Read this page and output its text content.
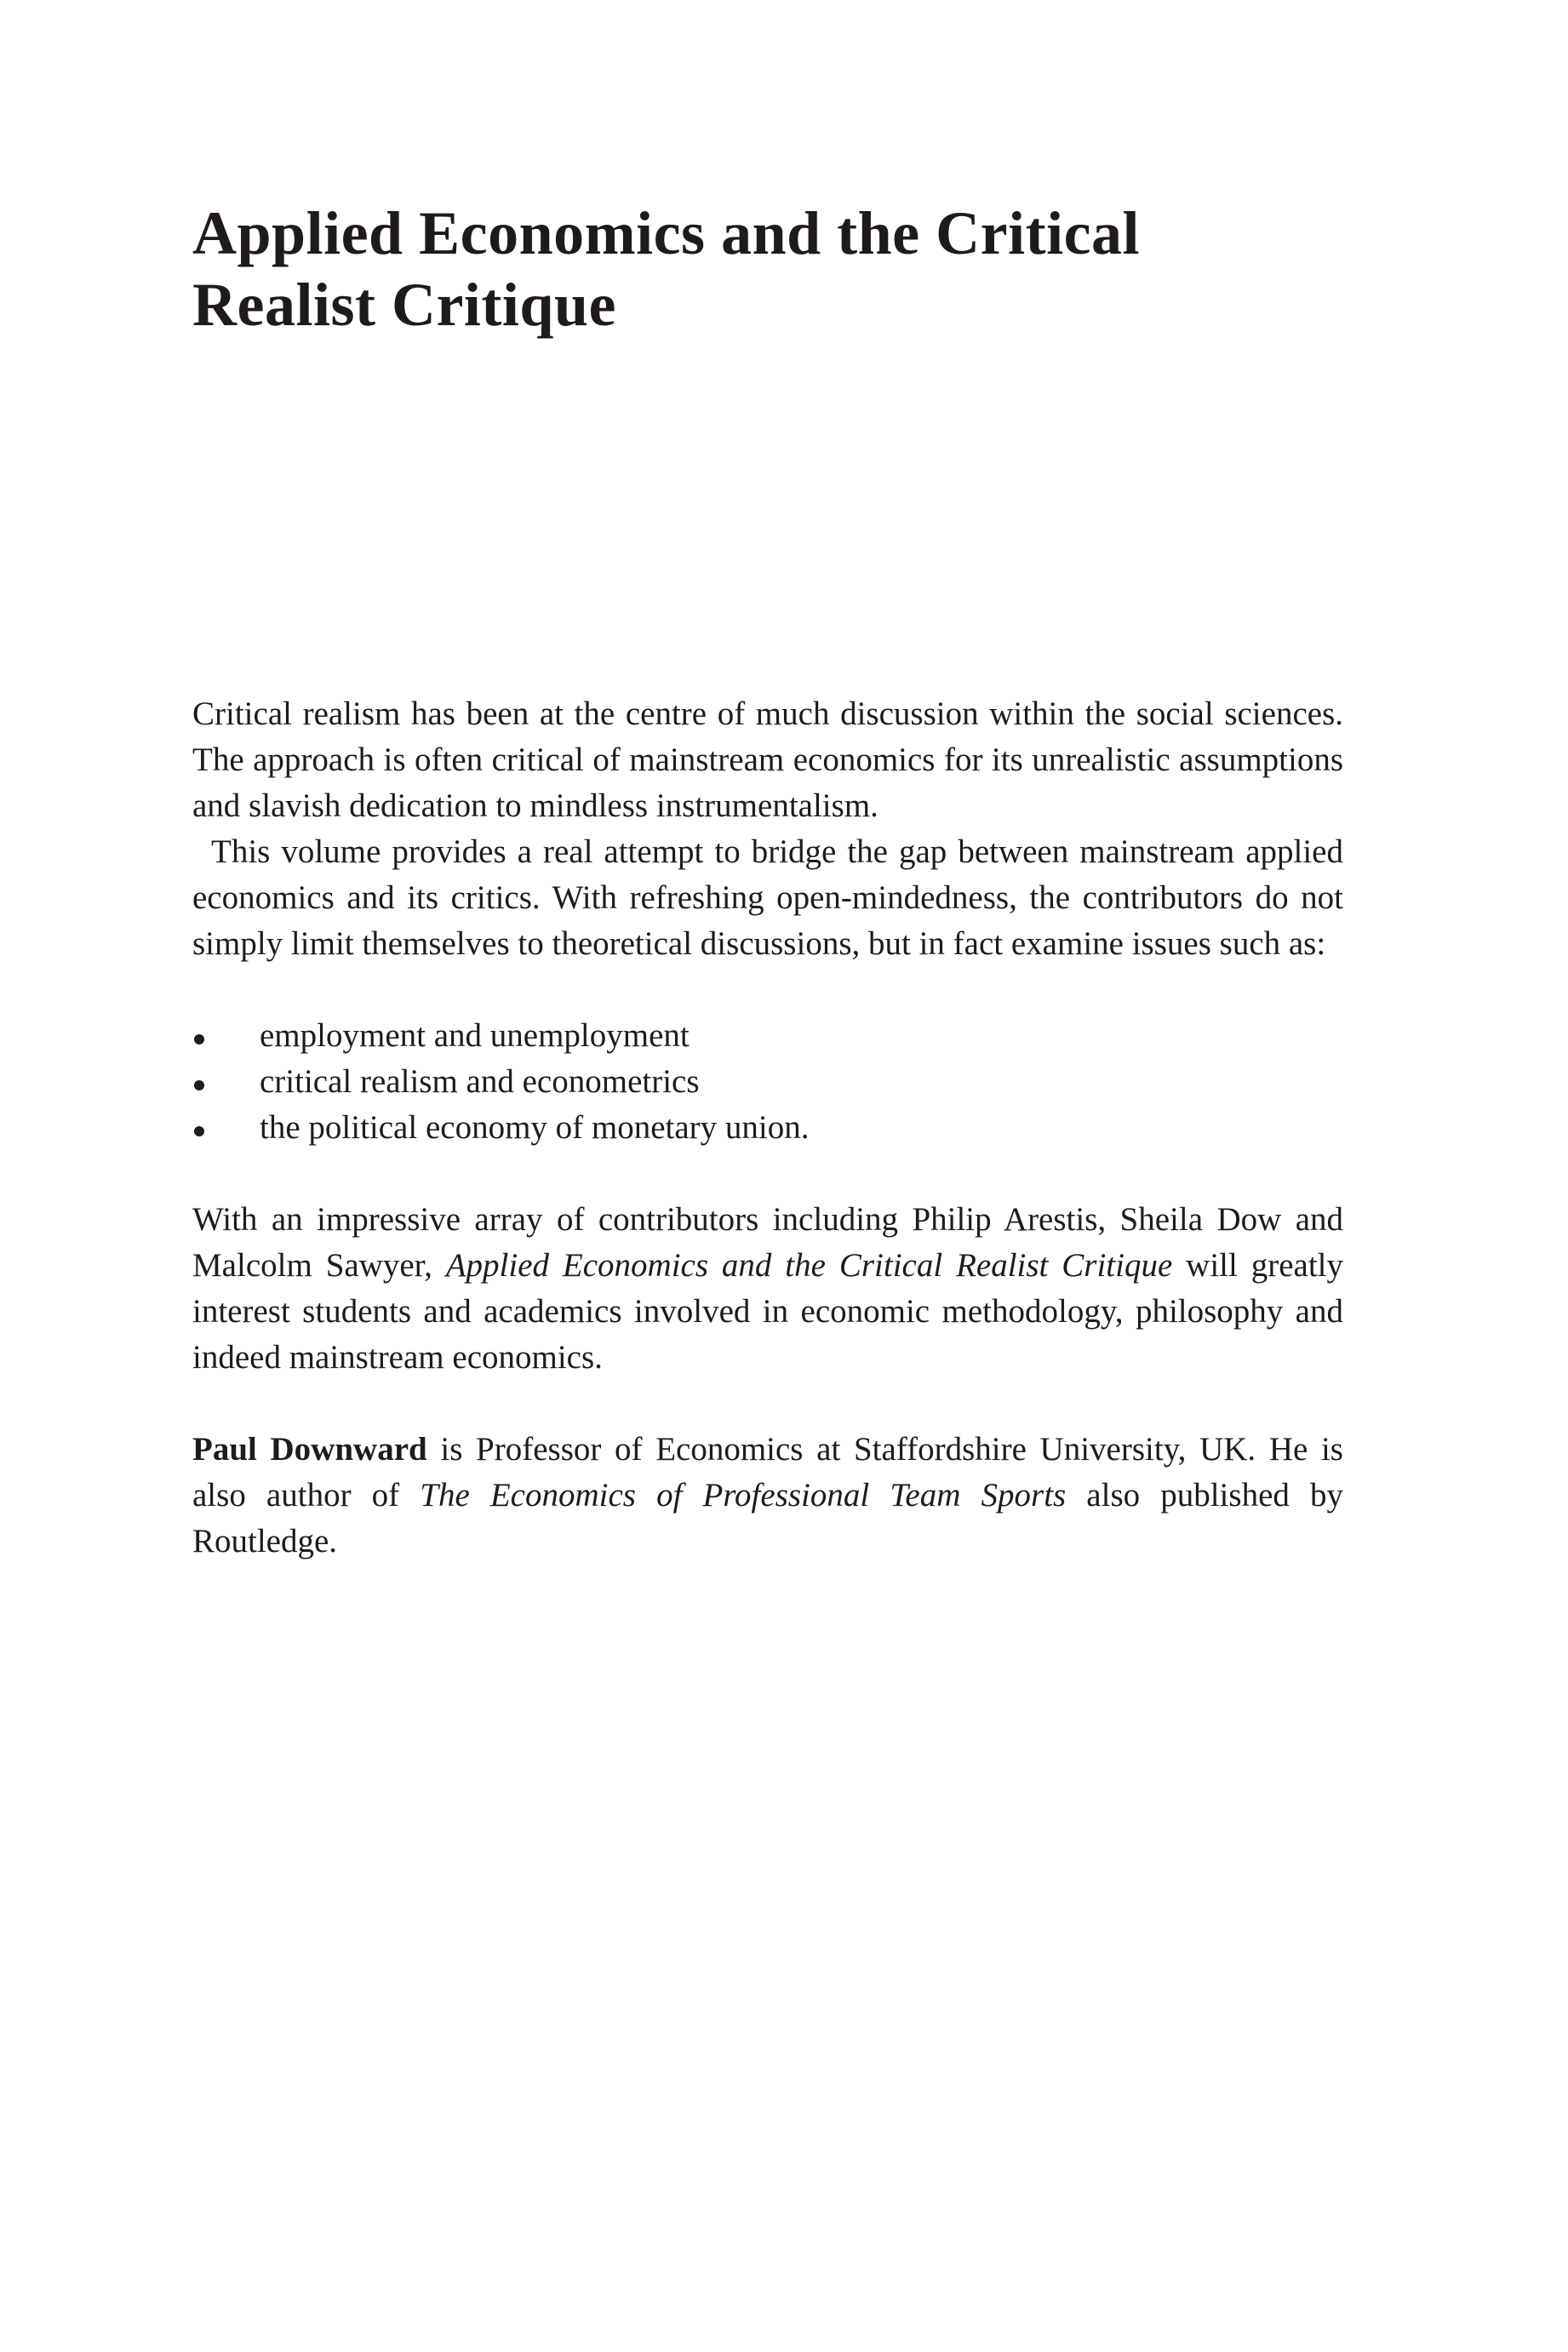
Applied Economics and the Critical
Realist Critique

Critical realism has been at the centre of much discussion within the social sciences. The approach is often critical of mainstream economics for its unrealistic assumptions and slavish dedication to mindless instrumentalism.

This volume provides a real attempt to bridge the gap between mainstream applied economics and its critics. With refreshing open-mindedness, the contributors do not simply limit themselves to theoretical discussions, but in fact examine issues such as:

employment and unemployment
critical realism and econometrics
the political economy of monetary union.

With an impressive array of contributors including Philip Arestis, Sheila Dow and Malcolm Sawyer, Applied Economics and the Critical Realist Critique will greatly interest students and academics involved in economic methodology, philosophy and indeed mainstream economics.

Paul Downward is Professor of Economics at Staffordshire University, UK. He is also author of The Economics of Professional Team Sports also published by Routledge.
